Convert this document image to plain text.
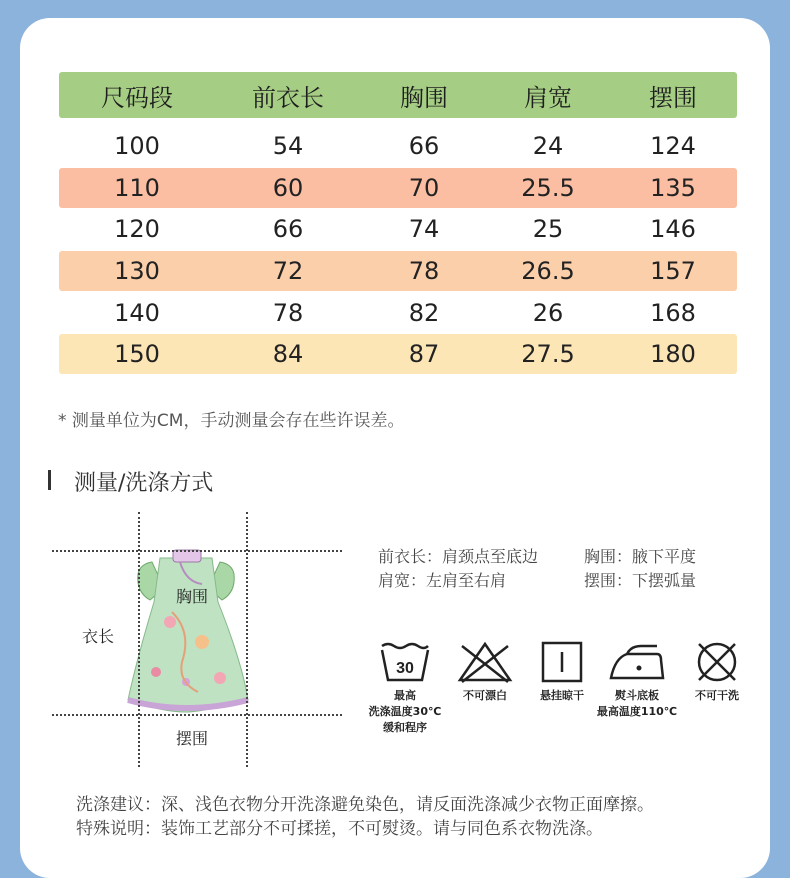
尺码段	前衣长	胸围	肩宽	摆围
100	54	66	24	124
110	60	70	25.5	135
120	66	74	25	146
130	72	78	26.5	157
140	78	82	26	168
150	84	87	27.5	180
* 测量单位为CM，手动测量会存在些许误差。
测量/洗涤方式
胸围
衣长
摆围
前衣长：肩颈点至底边	胸围：腋下平度
肩宽：左肩至右肩	摆围：下摆弧量
30
最高
洗涤温度30℃
缓和程序
不可漂白	悬挂晾干	熨斗底板
最高温度110℃
不可干洗
洗涤建议：深、浅色衣物分开洗涤避免染色，请反面洗涤减少衣物正面摩擦。
特殊说明：装饰工艺部分不可揉搓，不可熨烫。请与同色系衣物洗涤。
